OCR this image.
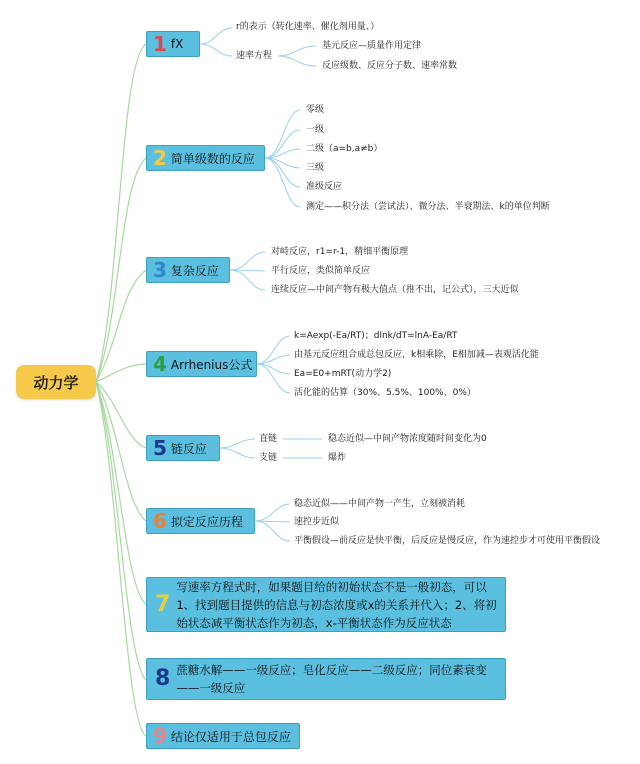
动力学
1 fX
r的表示（转化速率、催化剂用量、）
速率方程
基元反应—质量作用定律
反应级数、反应分子数、速率常数
2 简单级数的反应
零级
一级
二级（a=b,a≠b）
三级
准级反应
测定——积分法（尝试法）、微分法、半衰期法、k的单位判断
3 复杂反应
对峙反应，r1=r-1，精细平衡原理
平行反应，类似简单反应
连续反应—中间产物有极大值点（推不出，记公式），三大近似
4 Arrhenius公式
k=Aexp(-Ea/RT)；dlnk/dT=lnA-Ea/RT
由基元反应组合成总包反应，k相乘除，E相加减—表观活化能
Ea=E0+mRT(动力学2)
活化能的估算（30%、5.5%、100%、0%）
5 链反应
直链
支链
稳态近似—中间产物浓度随时间变化为0
爆炸
6 拟定反应历程
稳态近似——中间产物一产生，立刻被消耗
速控步近似
平衡假设—前反应是快平衡，后反应是慢反应，作为速控步才可使用平衡假设
7
写速率方程式时，如果题目给的初始状态不是一般初态，可以
1、找到题目提供的信息与初态浓度或x的关系并代入；2、将初
始状态减平衡状态作为初态，x-平衡状态作为反应状态
8 蔗糖水解——一级反应；皂化反应——二级反应；同位素衰变
——一级反应
9 结论仅适用于总包反应
